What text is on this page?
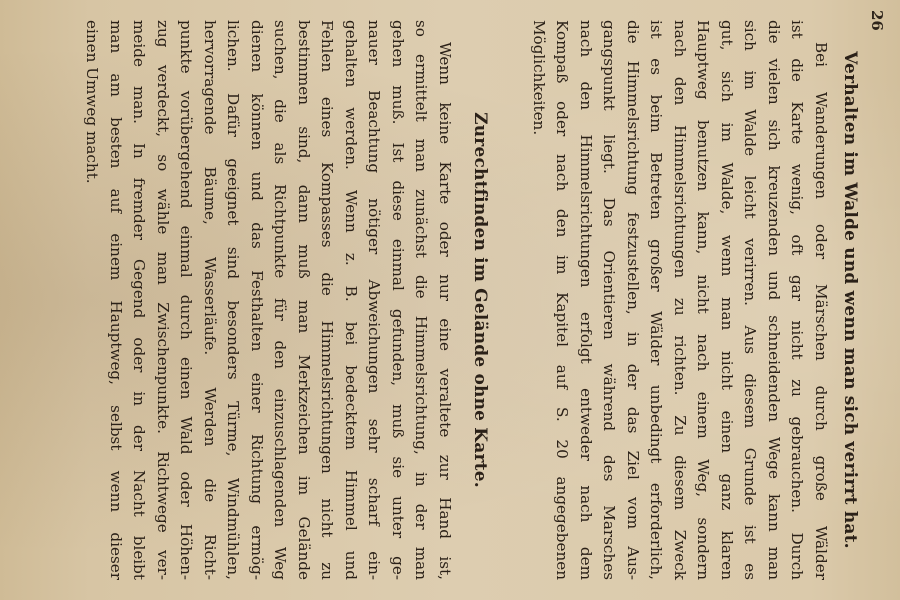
26
Verhalten im Walde und wenn man sich verirrt hat.
Bei Wanderungen oder Märschen durch große Wälder
ist die Karte wenig, oft gar nicht zu gebrauchen. Durch
die vielen sich kreuzenden und schneidenden Wege kann man
sich im Walde leicht verirren. Aus diesem Grunde ist es
gut, sich im Walde, wenn man nicht einen ganz klaren
Hauptweg benutzen kann, nicht nach einem Weg, sondern
nach den Himmelsrichtungen zu richten. Zu diesem Zweck
ist es beim Betreten großer Wälder unbedingt erforderlich,
die Himmelsrichtung festzustellen, in der das Ziel vom Aus-
gangspunkt liegt. Das Orientieren während des Marsches
nach den Himmelsrichtungen erfolgt entweder nach dem
Kompaß oder nach den im Kapitel auf S. 20 angegebenen
Möglichkeiten.
Zurechtfinden im Gelände ohne Karte.
Wenn keine Karte oder nur eine veraltete zur Hand ist,
so ermittelt man zunächst die Himmelsrichtung, in der man
gehen muß. Ist diese einmal gefunden, muß sie unter ge-
nauer Beachtung nötiger Abweichungen sehr scharf ein-
gehalten werden. Wenn z. B. bei bedecktem Himmel und
Fehlen eines Kompasses die Himmelsrichtungen nicht zu
bestimmen sind, dann muß man Merkzeichen im Gelände
suchen, die als Richtpunkte für den einzuschlagenden Weg
dienen können und das Festhalten einer Richtung ermög-
lichen. Dafür geeignet sind besonders Türme, Windmühlen,
hervorragende Bäume, Wasserläufe. Werden die Richt-
punkte vorübergehend einmal durch einen Wald oder Höhen-
zug verdeckt, so wähle man Zwischenpunkte. Richtwege ver-
meide man. In fremder Gegend oder in der Nacht bleibt
man am besten auf einem Hauptweg, selbst wenn dieser
einen Umweg macht.
